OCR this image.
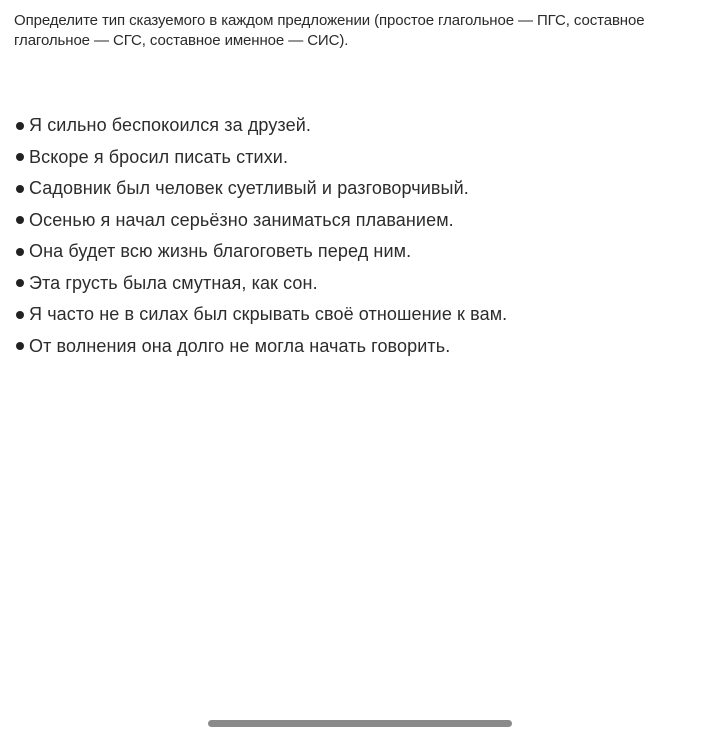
Определите тип сказуемого в каждом предложении (простое глагольное — ПГС, составное глагольное — СГС, составное именное — СИС).
Я сильно беспокоился за друзей.
Вскоре я бросил писать стихи.
Садовник был человек суетливый и разговорчивый.
Осенью я начал серьёзно заниматься плаванием.
Она будет всю жизнь благоговеть перед ним.
Эта грусть была смутная, как сон.
Я часто не в силах был скрывать своё отношение к вам.
От волнения она долго не могла начать говорить.
